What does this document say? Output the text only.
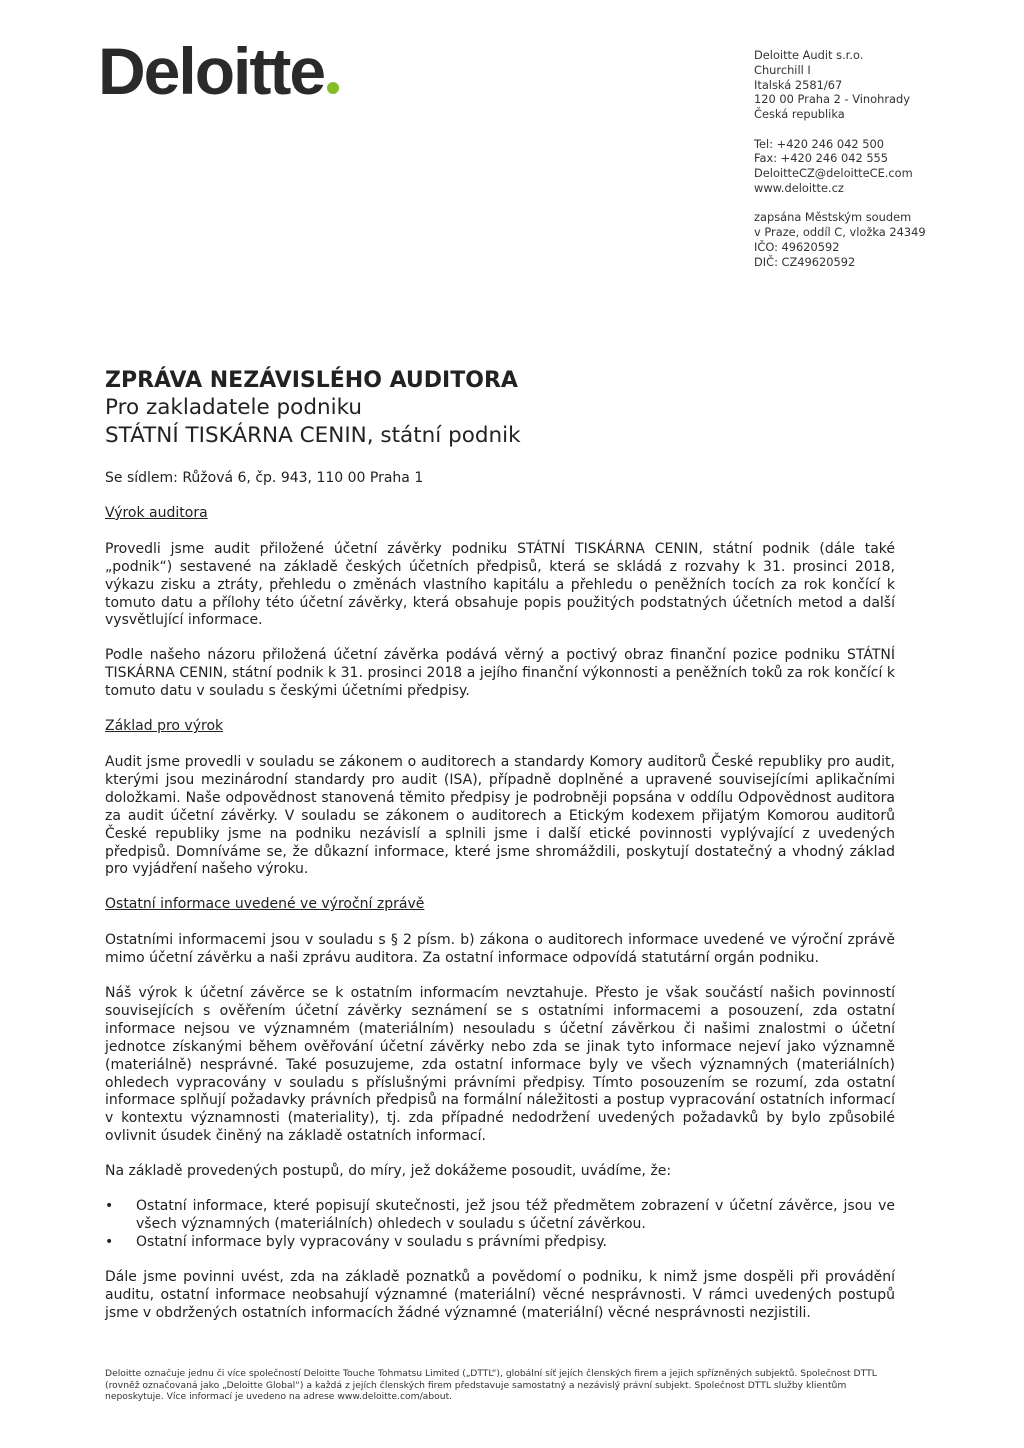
Deloitte	Deloitte Audit s.r.o.
Churchill I
Italská 2581/67
120 00 Praha 2 - Vinohrady
Česká republika
Tel: +420 246 042 500
Fax: +420 246 042 555
DeloitteCZ@deloitteCE.com
www.deloitte.cz
zapsána Městským soudem
v Praze, oddíl C, vložka 24349
IČO: 49620592
DIČ: CZ49620592
ZPRÁVA NEZÁVISLÉHO AUDITORA
Pro zakladatele podniku
STÁTNÍ TISKÁRNA CENIN, státní podnik

Se sídlem: Růžová 6, čp. 943, 110 00 Praha 1

Výrok auditora

Provedli jsme audit přiložené účetní závěrky podniku STÁTNÍ TISKÁRNA CENIN, státní podnik (dále také „podnik“) sestavené na základě českých účetních předpisů, která se skládá z rozvahy k 31. prosinci 2018, výkazu zisku a ztráty, přehledu o změnách vlastního kapitálu a přehledu o peněžních tocích za rok končící k tomuto datu a přílohy této účetní závěrky, která obsahuje popis použitých podstatných účetních metod a další vysvětlující informace.

Podle našeho názoru přiložená účetní závěrka podává věrný a poctivý obraz finanční pozice podniku STÁTNÍ TISKÁRNA CENIN, státní podnik k 31. prosinci 2018 a jejího finanční výkonnosti a peněžních toků za rok končící k tomuto datu v souladu s českými účetními předpisy.

Základ pro výrok

Audit jsme provedli v souladu se zákonem o auditorech a standardy Komory auditorů České republiky pro audit, kterými jsou mezinárodní standardy pro audit (ISA), případně doplněné a upravené souvisejícími aplikačními doložkami. Naše odpovědnost stanovená těmito předpisy je podrobněji popsána v oddílu Odpovědnost auditora za audit účetní závěrky. V souladu se zákonem o auditorech a Etickým kodexem přijatým Komorou auditorů České republiky jsme na podniku nezávislí a splnili jsme i další etické povinnosti vyplývající z uvedených předpisů. Domníváme se, že důkazní informace, které jsme shromáždili, poskytují dostatečný a vhodný základ pro vyjádření našeho výroku.

Ostatní informace uvedené ve výroční zprávě

Ostatními informacemi jsou v souladu s § 2 písm. b) zákona o auditorech informace uvedené ve výroční zprávě mimo účetní závěrku a naši zprávu auditora. Za ostatní informace odpovídá statutární orgán podniku.

Náš výrok k účetní závěrce se k ostatním informacím nevztahuje. Přesto je však součástí našich povinností souvisejících s ověřením účetní závěrky seznámení se s ostatními informacemi a posouzení, zda ostatní informace nejsou ve významném (materiálním) nesouladu s účetní závěrkou či našimi znalostmi o účetní jednotce získanými během ověřování účetní závěrky nebo zda se jinak tyto informace nejeví jako významně (materiálně) nesprávné. Také posuzujeme, zda ostatní informace byly ve všech významných (materiálních) ohledech vypracovány v souladu s příslušnými právními předpisy. Tímto posouzením se rozumí, zda ostatní informace splňují požadavky právních předpisů na formální náležitosti a postup vypracování ostatních informací v kontextu významnosti (materiality), tj. zda případné nedodržení uvedených požadavků by bylo způsobilé ovlivnit úsudek činěný na základě ostatních informací.

Na základě provedených postupů, do míry, jež dokážeme posoudit, uvádíme, že:

• Ostatní informace, které popisují skutečnosti, jež jsou též předmětem zobrazení v účetní závěrce, jsou ve všech významných (materiálních) ohledech v souladu s účetní závěrkou.
• Ostatní informace byly vypracovány v souladu s právními předpisy.

Dále jsme povinni uvést, zda na základě poznatků a povědomí o podniku, k nimž jsme dospěli při provádění auditu, ostatní informace neobsahují významné (materiální) věcné nesprávnosti. V rámci uvedených postupů jsme v obdržených ostatních informacích žádné významné (materiální) věcné nesprávnosti nezjistili.

Deloitte označuje jednu či více společností Deloitte Touche Tohmatsu Limited („DTTL“), globální síť jejích členských firem a jejich spřízněných subjektů. Společnost DTTL (rovněž označovaná jako „Deloitte Global“) a každá z jejích členských firem představuje samostatný a nezávislý právní subjekt. Společnost DTTL služby klientům neposkytuje. Více informací je uvedeno na adrese www.deloitte.com/about.
